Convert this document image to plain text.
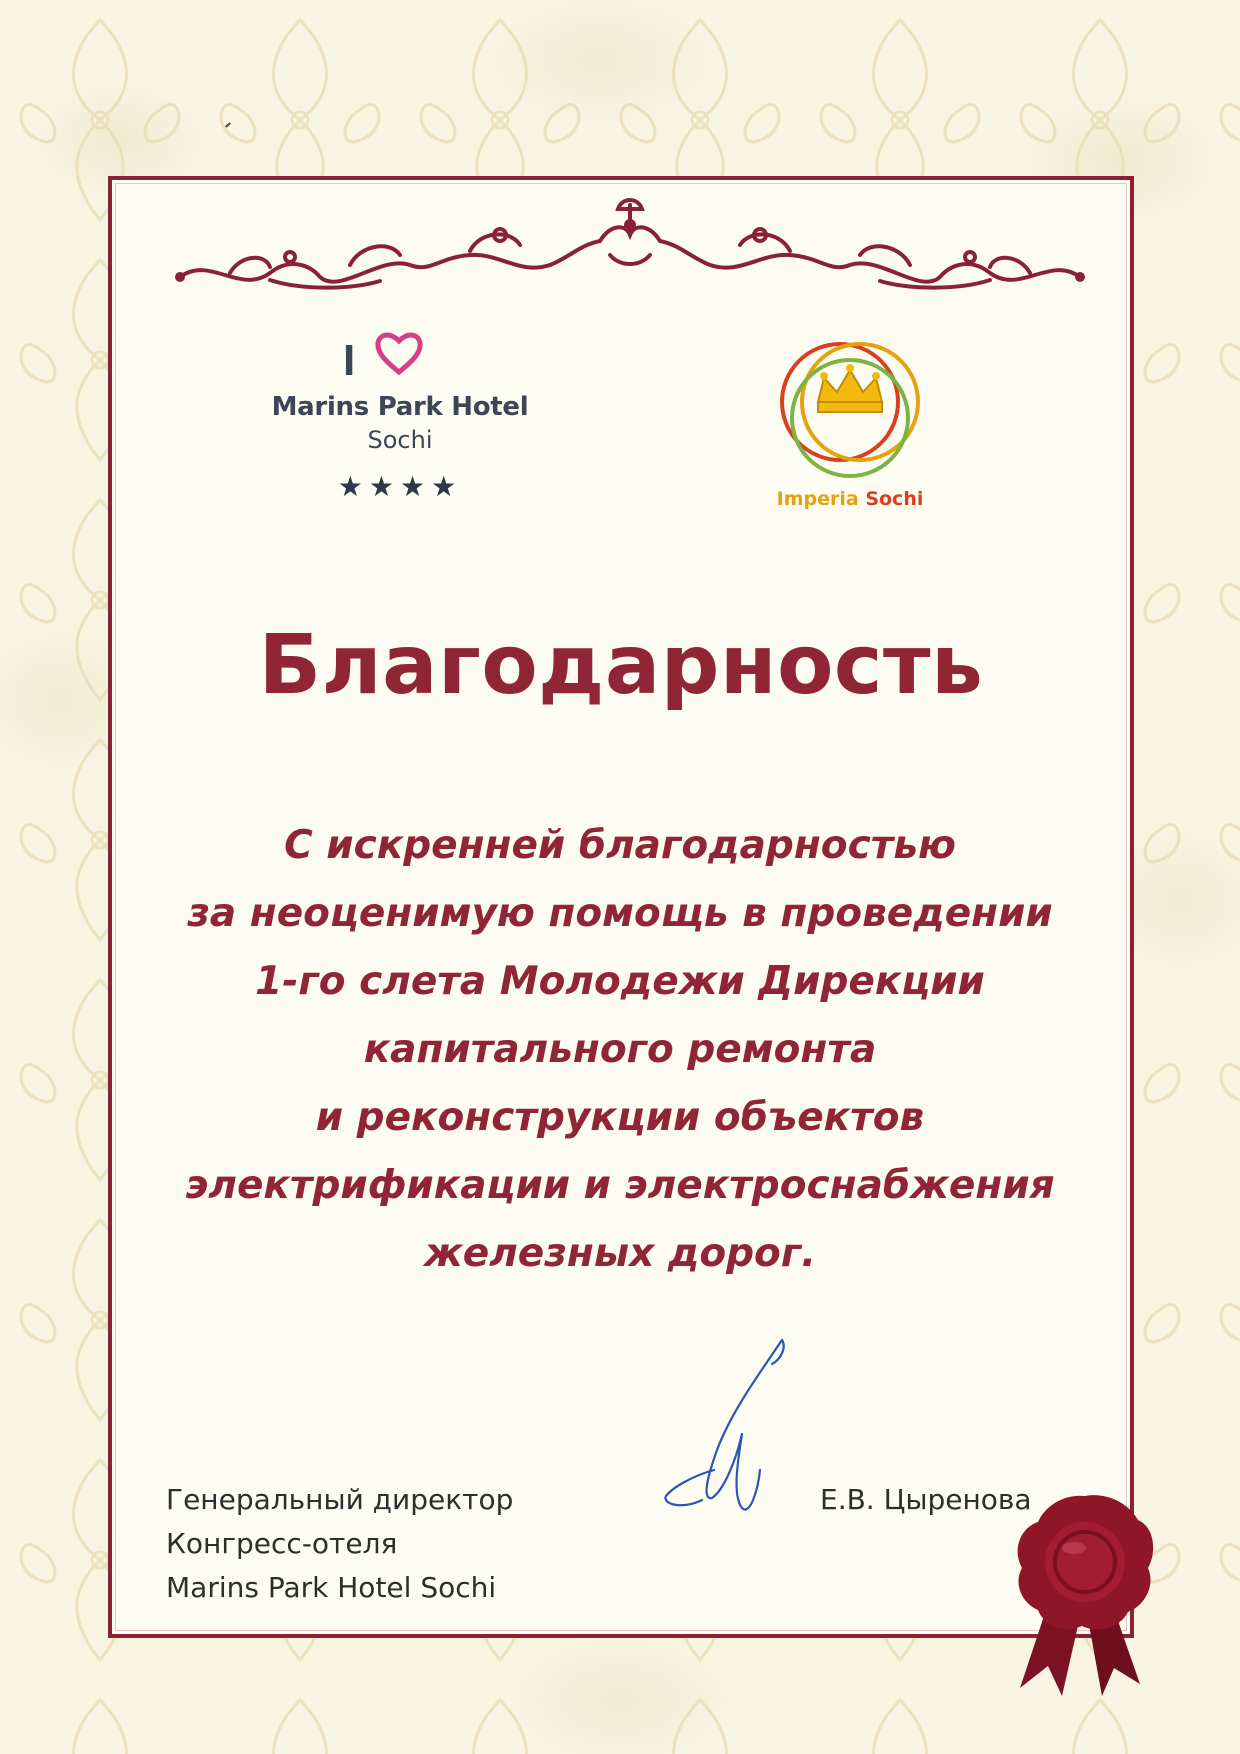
I
Marins Park Hotel
Sochi
★★★★	Imperia Sochi
Благодарность
С искренней благодарностью
за неоценимую помощь в проведении
1-го слета Молодежи Дирекции
капитального ремонта
и реконструкции объектов
электрификации и электроснабжения
железных дорог.
Генеральный директор
Конгресс-отеля
Marins Park Hotel Sochi
Е.В. Цыренова
